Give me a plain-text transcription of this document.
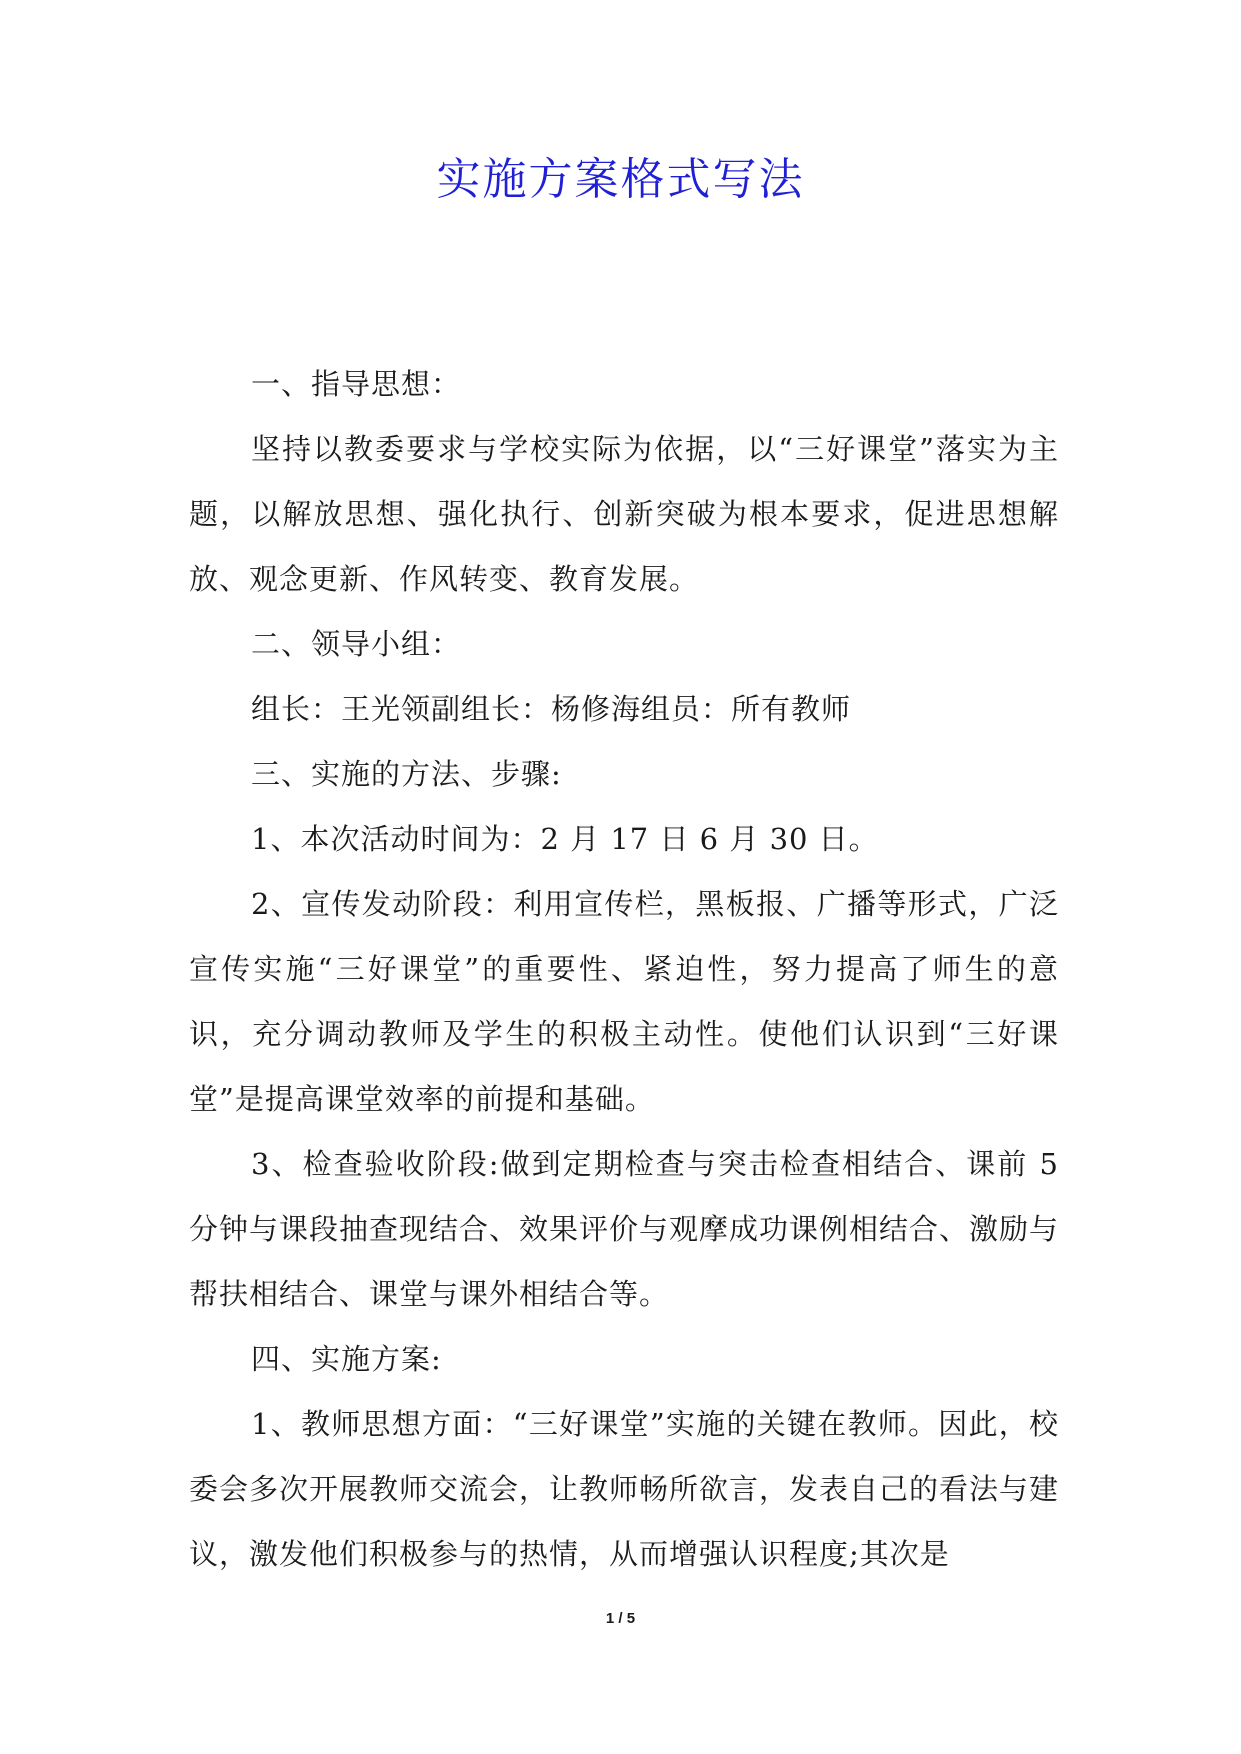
实施方案格式写法

一、指导思想：

坚持以教委要求与学校实际为依据，以“三好课堂”落实为主题，以解放思想、强化执行、创新突破为根本要求，促进思想解放、观念更新、作风转变、教育发展。

二、领导小组：

组长：王光领副组长：杨修海组员：所有教师

三、实施的方法、步骤:

1、本次活动时间为：2 月 17 日 6 月 30 日。

2、宣传发动阶段：利用宣传栏，黑板报、广播等形式，广泛宣传实施“三好课堂”的重要性、紧迫性，努力提高了师生的意识，充分调动教师及学生的积极主动性。使他们认识到“三好课堂”是提高课堂效率的前提和基础。

3、检查验收阶段:做到定期检查与突击检查相结合、课前 5 分钟与课段抽查现结合、效果评价与观摩成功课例相结合、激励与帮扶相结合、课堂与课外相结合等。

四、实施方案:

1、教师思想方面：“三好课堂”实施的关键在教师。因此，校委会多次开展教师交流会，让教师畅所欲言，发表自己的看法与建议，激发他们积极参与的热情，从而增强认识程度;其次是

1 / 5
